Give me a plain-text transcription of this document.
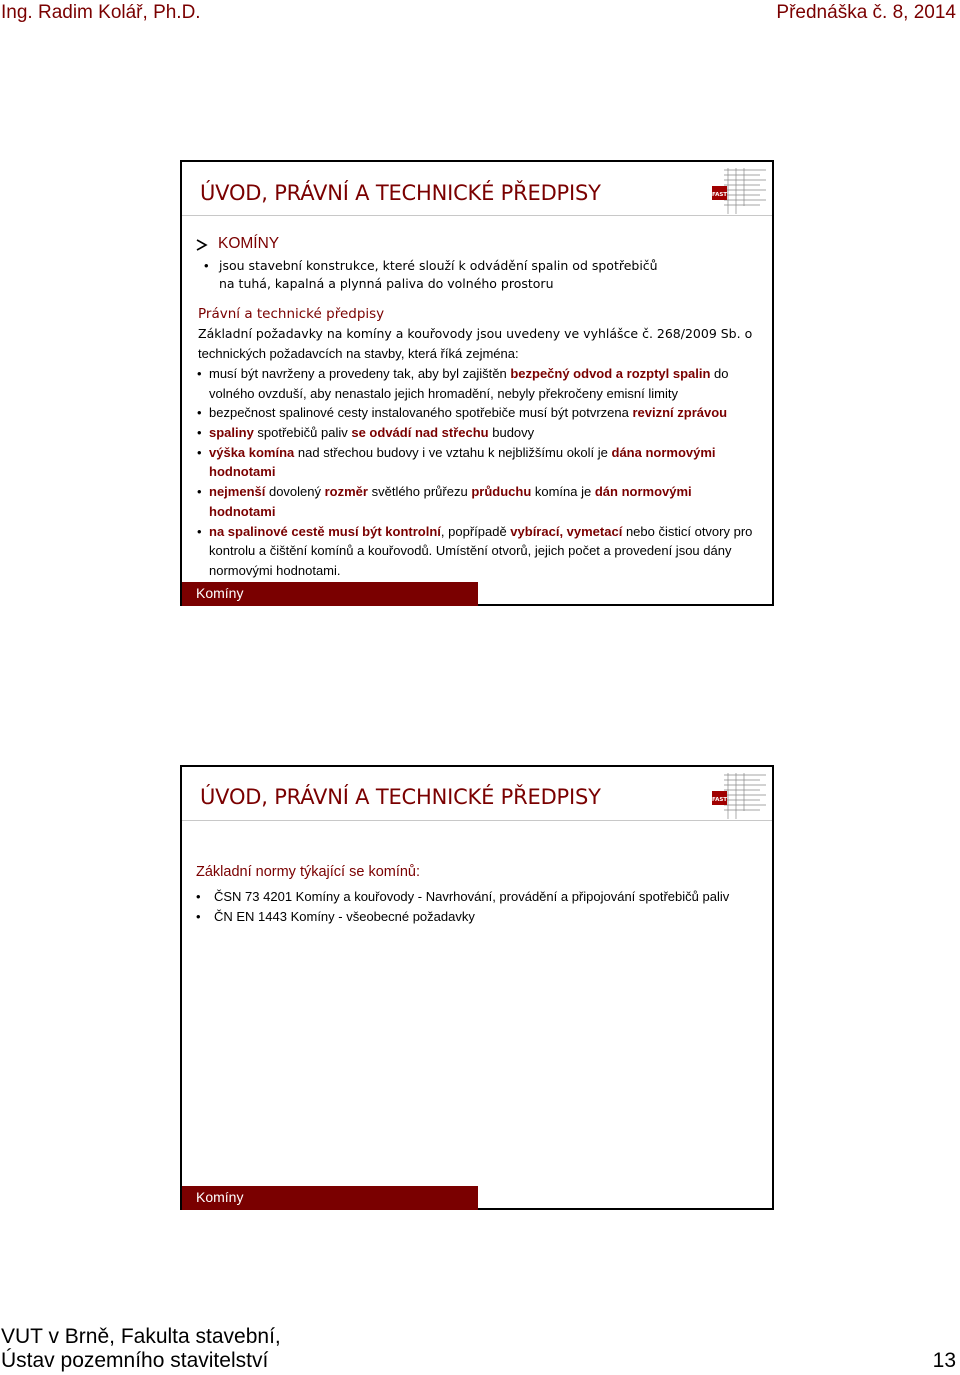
Ing. Radim Kolář, Ph.D.	Přednáška č. 8, 2014
ÚVOD, PRÁVNÍ A TECHNICKÉ PŘEDPISY	FAST
KOMÍNY
• jsou stavební konstrukce, které slouží k odvádění spalin od spotřebičů
na tuhá, kapalná a plynná paliva do volného prostoru
Právní a technické předpisy
Základní požadavky na komíny a kouřovody jsou uvedeny ve vyhlášce č. 268/2009 Sb. o
technických požadavcích na stavby, která říká zejména:
• musí být navrženy a provedeny tak, aby byl zajištěn bezpečný odvod a rozptyl spalin do
volného ovzduší, aby nenastalo jejich hromadění, nebyly překročeny emisní limity
• bezpečnost spalinové cesty instalovaného spotřebiče musí být potvrzena revizní zprávou
• spaliny spotřebičů paliv se odvádí nad střechu budovy
• výška komína nad střechou budovy i ve vztahu k nejbližšímu okolí je dána normovými
hodnotami
• nejmenší dovolený rozměr světlého průřezu průduchu komína je dán normovými
hodnotami
• na spalinové cestě musí být kontrolní, popřípadě vybírací, vymetací nebo čisticí otvory pro
kontrolu a čištění komínů a kouřovodů. Umístění otvorů, jejich počet a provedení jsou dány
normovými hodnotami.
Komíny
ÚVOD, PRÁVNÍ A TECHNICKÉ PŘEDPISY	FAST
Základní normy týkající se komínů:
• ČSN 73 4201 Komíny a kouřovody - Navrhování, provádění a připojování spotřebičů paliv
• ČN EN 1443 Komíny - všeobecné požadavky
Komíny
VUT v Brně, Fakulta stavební,
Ústav pozemního stavitelství	13
